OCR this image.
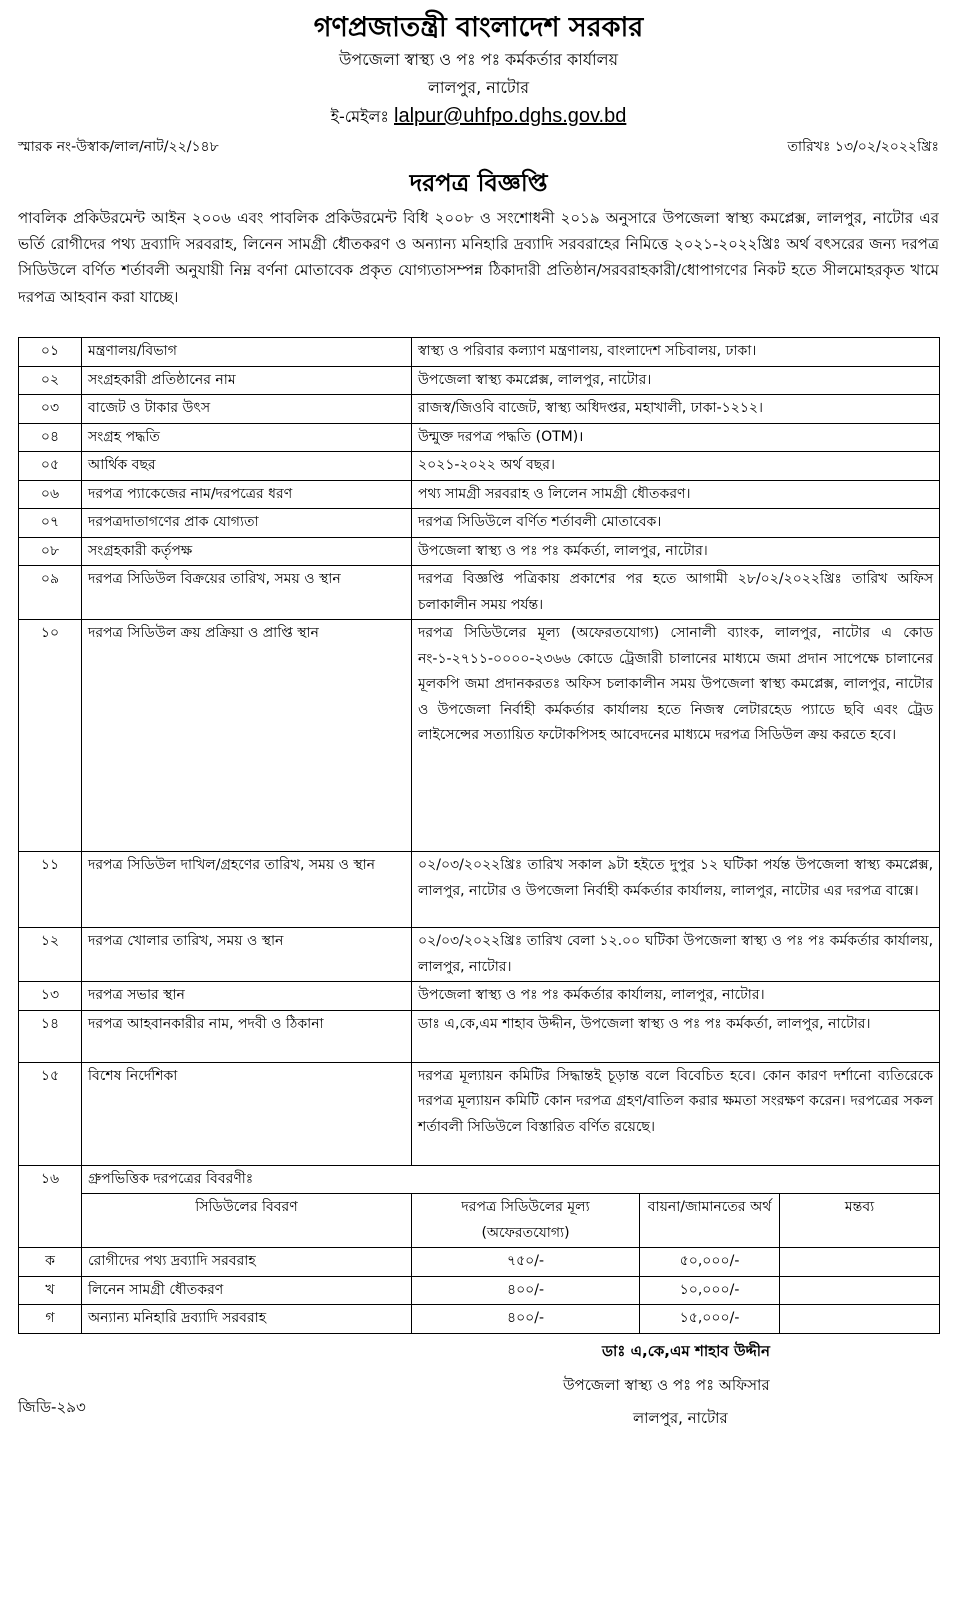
গণপ্রজাতন্ত্রী বাংলাদেশ সরকার
উপজেলা স্বাস্থ্য ও পঃ পঃ কর্মকর্তার কার্যালয়
লালপুর, নাটোর
ই-মেইলঃ lalpur@uhfpo.dghs.gov.bd
স্মারক নং-উস্বাক/লাল/নাট/২২/১৪৮	তারিখঃ ১৩/০২/২০২২খ্রিঃ
দরপত্র বিজ্ঞপ্তি
পাবলিক প্রকিউরমেন্ট আইন ২০০৬ এবং পাবলিক প্রকিউরমেন্ট বিধি ২০০৮ ও সংশোধনী ২০১৯ অনুসারে উপজেলা স্বাস্থ্য কমপ্লেক্স, লালপুর, নাটোর এর ভর্তি রোগীদের পথ্য দ্রব্যাদি সরবরাহ, লিনেন সামগ্রী ধৌতকরণ ও অন্যান্য মনিহারি দ্রব্যাদি সরবরাহের নিমিত্তে ২০২১-২০২২খ্রিঃ অর্থ বৎসরের জন্য দরপত্র সিডিউলে বর্ণিত শর্তাবলী অনুযায়ী নিম্ন বর্ণনা মোতাবেক প্রকৃত যোগ্যতাসম্পন্ন ঠিকাদারী প্রতিষ্ঠান/সরবরাহকারী/ধোপাগণের নিকট হতে সীলমোহরকৃত খামে দরপত্র আহবান করা যাচ্ছে।
০১	মন্ত্রণালয়/বিভাগ	স্বাস্থ্য ও পরিবার কল্যাণ মন্ত্রণালয়, বাংলাদেশ সচিবালয়, ঢাকা।		
০২	সংগ্রহকারী প্রতিষ্ঠানের নাম	উপজেলা স্বাস্থ্য কমপ্লেক্স, লালপুর, নাটোর।		
০৩	বাজেট ও টাকার উৎস	রাজস্ব/জিওবি বাজেট, স্বাস্থ্য অধিদপ্তর, মহাখালী, ঢাকা-১২১২।		
০৪	সংগ্রহ পদ্ধতি	উন্মুক্ত দরপত্র পদ্ধতি (OTM)।		
০৫	আর্থিক বছর	২০২১-২০২২ অর্থ বছর।		
০৬	দরপত্র প্যাকেজের নাম/দরপত্রের ধরণ	পথ্য সামগ্রী সরবরাহ ও লিলেন সামগ্রী ধৌতকরণ।		
০৭	দরপত্রদাতাগণের প্রাক যোগ্যতা	দরপত্র সিডিউলে বর্ণিত শর্তাবলী মোতাবেক।		
০৮	সংগ্রহকারী কর্তৃপক্ষ	উপজেলা স্বাস্থ্য ও পঃ পঃ কর্মকর্তা, লালপুর, নাটোর।		
০৯	দরপত্র সিডিউল বিক্রয়ের তারিখ, সময় ও স্থান	দরপত্র বিজ্ঞপ্তি পত্রিকায় প্রকাশের পর হতে আগামী ২৮/০২/২০২২খ্রিঃ তারিখ অফিস চলাকালীন সময় পর্যন্ত।		
১০	দরপত্র সিডিউল ক্রয় প্রক্রিয়া ও প্রাপ্তি স্থান	দরপত্র সিডিউলের মূল্য (অফেরতযোগ্য) সোনালী ব্যাংক, লালপুর, নাটোর এ কোড নং-১-২৭১১-০০০০-২৩৬৬ কোডে ট্রেজারী চালানের মাধ্যমে জমা প্রদান সাপেক্ষে চালানের মূলকপি জমা প্রদানকরতঃ অফিস চলাকালীন সময় উপজেলা স্বাস্থ্য কমপ্লেক্স, লালপুর, নাটোর ও উপজেলা নির্বাহী কর্মকর্তার কার্যালয় হতে নিজস্ব লেটারহেড প্যাডে ছবি এবং ট্রেড লাইসেন্সের সত্যায়িত ফটোকপিসহ আবেদনের মাধ্যমে দরপত্র সিডিউল ক্রয় করতে হবে।		
১১	দরপত্র সিডিউল দাখিল/গ্রহণের তারিখ, সময় ও স্থান	০২/০৩/২০২২খ্রিঃ তারিখ সকাল ৯টা হইতে দুপুর ১২ ঘটিকা পর্যন্ত উপজেলা স্বাস্থ্য কমপ্লেক্স, লালপুর, নাটোর ও উপজেলা নির্বাহী কর্মকর্তার কার্যালয়, লালপুর, নাটোর এর দরপত্র বাক্সে।		
১২	দরপত্র খোলার তারিখ, সময় ও স্থান	০২/০৩/২০২২খ্রিঃ তারিখ বেলা ১২.০০ ঘটিকা উপজেলা স্বাস্থ্য ও পঃ পঃ কর্মকর্তার কার্যালয়, লালপুর, নাটোর।		
১৩	দরপত্র সভার স্থান	উপজেলা স্বাস্থ্য ও পঃ পঃ কর্মকর্তার কার্যালয়, লালপুর, নাটোর।		
১৪	দরপত্র আহবানকারীর নাম, পদবী ও ঠিকানা	ডাঃ এ,কে,এম শাহাব উদ্দীন, উপজেলা স্বাস্থ্য ও পঃ পঃ কর্মকর্তা, লালপুর, নাটোর।		
১৫	বিশেষ নির্দেশিকা	দরপত্র মূল্যায়ন কমিটির সিদ্ধান্তই চূড়ান্ত বলে বিবেচিত হবে। কোন কারণ দর্শানো ব্যতিরেকে দরপত্র মূল্যায়ন কমিটি কোন দরপত্র গ্রহণ/বাতিল করার ক্ষমতা সংরক্ষণ করেন। দরপত্রের সকল শর্তাবলী সিডিউলে বিস্তারিত বর্ণিত রয়েছে।		
১৬	গ্রুপভিত্তিক দরপত্রের বিবরণীঃ			
	সিডিউলের বিবরণ	দরপত্র সিডিউলের মূল্য (অফেরতযোগ্য)	বায়না/জামানতের অর্থ	মন্তব্য
ক	রোগীদের পথ্য দ্রব্যাদি সরবরাহ	৭৫০/-	৫০,০০০/-	
খ	লিনেন সামগ্রী ধৌতকরণ	৪০০/-	১০,০০০/-	
গ	অন্যান্য মনিহারি দ্রব্যাদি সরবরাহ	৪০০/-	১৫,০০০/-	
ডাঃ এ,কে,এম শাহাব উদ্দীন
উপজেলা স্বাস্থ্য ও পঃ পঃ অফিসার
লালপুর, নাটোর
জিডি-২৯৩
